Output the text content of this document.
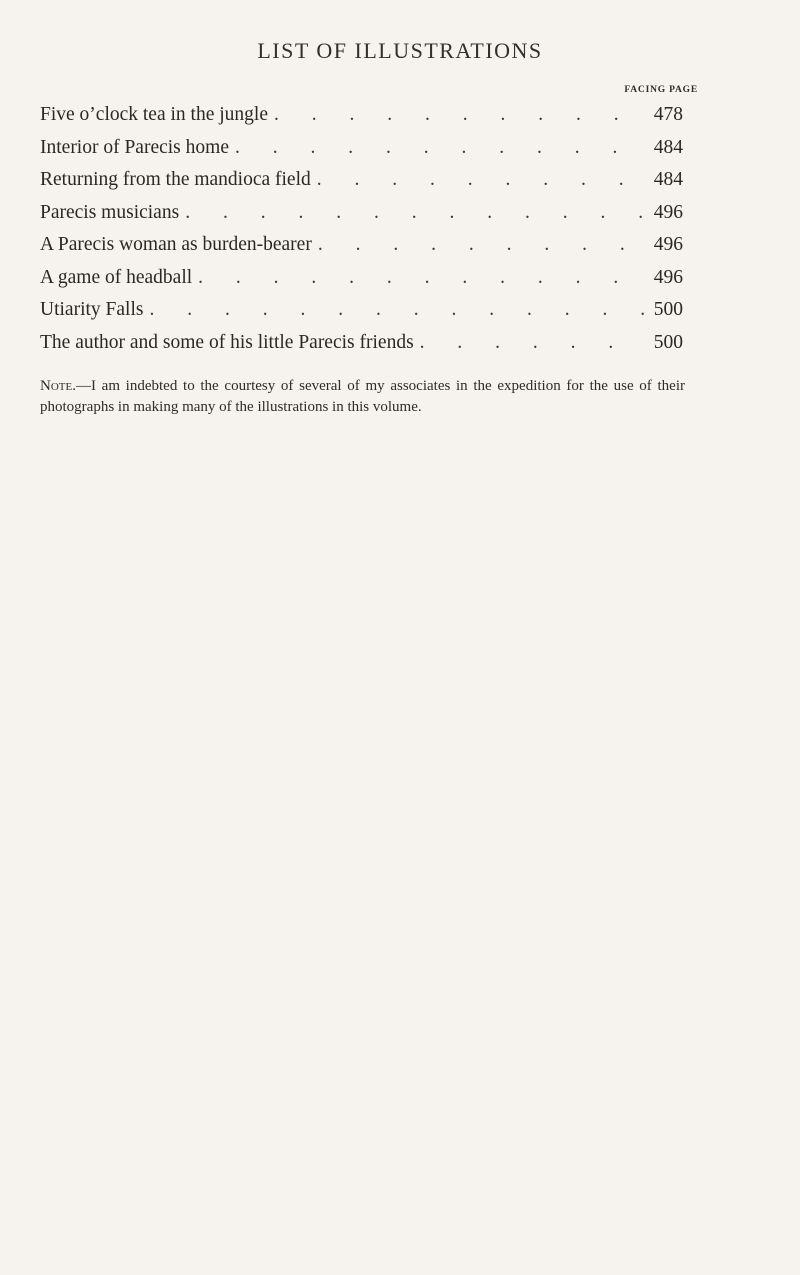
LIST OF ILLUSTRATIONS
FACING PAGE
Five o’clock tea in the jungle . . .	478
Interior of Parecis home . . .	484
Returning from the mandioca field . . .	484
Parecis musicians . . .	496
A Parecis woman as burden-bearer . . .	496
A game of headball . . .	496
Utiarity Falls . . .	500
The author and some of his little Parecis friends . . .	500
Note.—I am indebted to the courtesy of several of my associates in the expedition for the use of their photographs in making many of the illustrations in this volume.
